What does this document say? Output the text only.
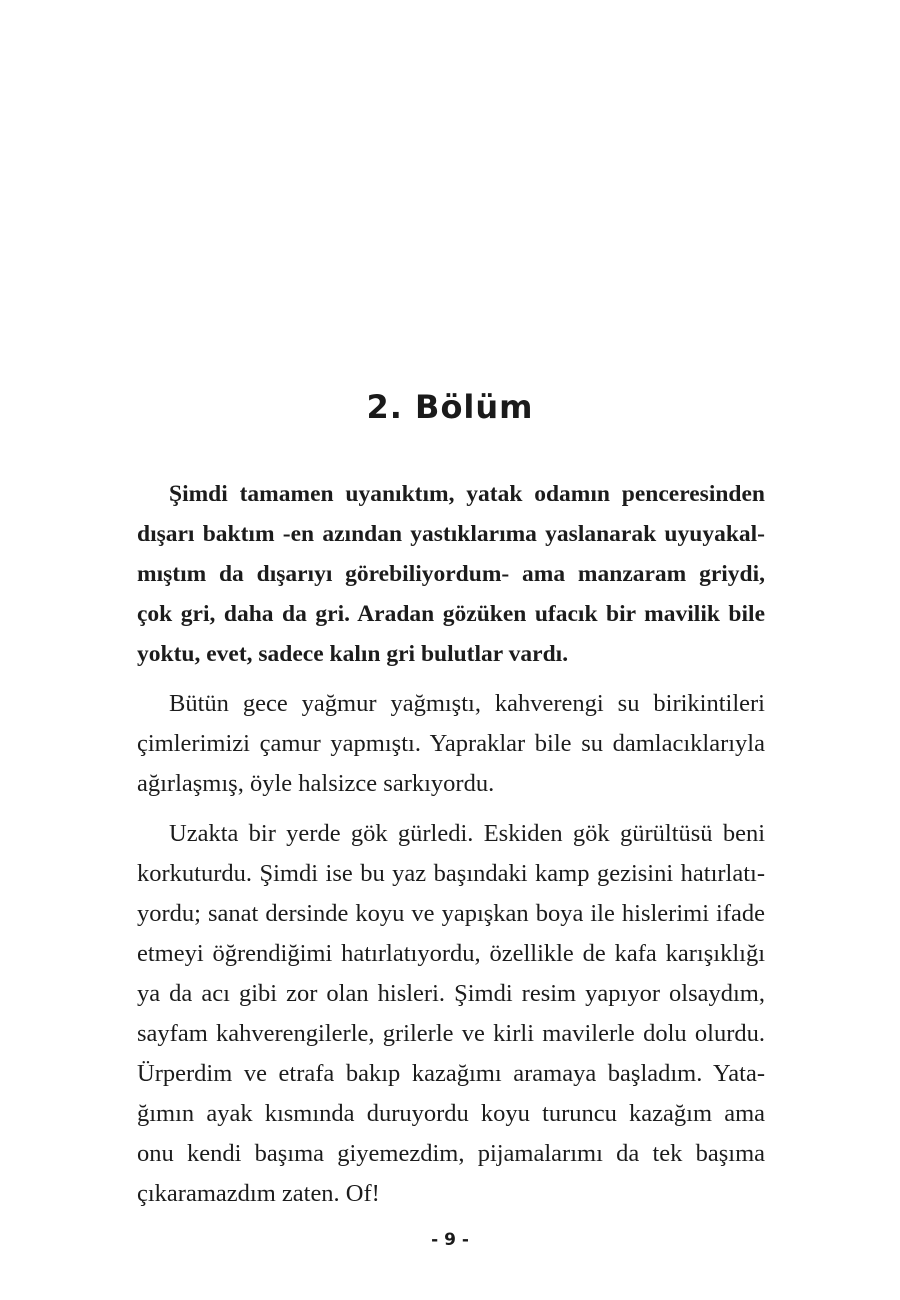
2. Bölüm
Şimdi tamamen uyanıktım, yatak odamın penceresinden
dışarı baktım -en azından yastıklarıma yaslanarak uyuyakal-
mıştım da dışarıyı görebiliyordum- ama manzaram griydi,
çok gri, daha da gri. Aradan gözüken ufacık bir mavilik bile
yoktu, evet, sadece kalın gri bulutlar vardı.
Bütün gece yağmur yağmıştı, kahverengi su birikintileri
çimlerimizi çamur yapmıştı. Yapraklar bile su damlacıklarıyla
ağırlaşmış, öyle halsizce sarkıyordu.
Uzakta bir yerde gök gürledi. Eskiden gök gürültüsü beni
korkuturdu. Şimdi ise bu yaz başındaki kamp gezisini hatırlatı-
yordu; sanat dersinde koyu ve yapışkan boya ile hislerimi ifade
etmeyi öğrendiğimi hatırlatıyordu, özellikle de kafa karışıklığı
ya da acı gibi zor olan hisleri. Şimdi resim yapıyor olsaydım,
sayfam kahverengilerle, grilerle ve kirli mavilerle dolu olurdu.
Ürperdim ve etrafa bakıp kazağımı aramaya başladım. Yata-
ğımın ayak kısmında duruyordu koyu turuncu kazağım ama
onu kendi başıma giyemezdim, pijamalarımı da tek başıma
çıkaramazdım zaten. Of!
- 9 -
